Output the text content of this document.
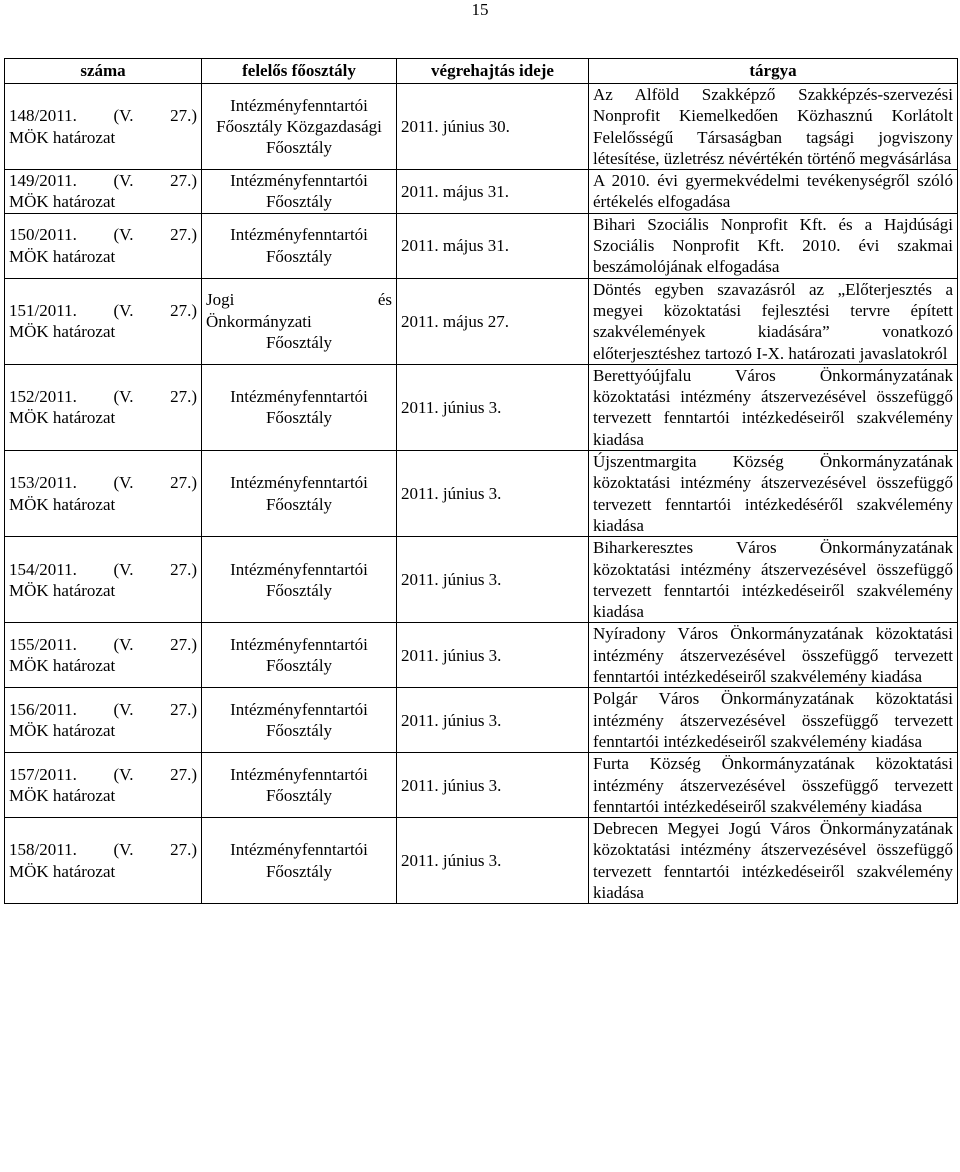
15
száma	felelős főosztály	végrehajtás ideje	tárgya

148/2011. (V. 27.)
MÖK határozat	Intézményfenntartói Főosztály Közgazdasági Főosztály	2011. június 30.	Az Alföld Szakképző Szakképzés-szervezési Nonprofit Kiemelkedően Közhasznú Korlátolt Felelősségű Társaságban tagsági jogviszony létesítése, üzletrész névértékén történő megvásárlása

149/2011. (V. 27.)
MÖK határozat	Intézményfenntartói Főosztály	2011. május 31.	A 2010. évi gyermekvédelmi tevékenységről szóló értékelés elfogadása

150/2011. (V. 27.)
MÖK határozat	Intézményfenntartói Főosztály	2011. május 31.	Bihari Szociális Nonprofit Kft. és a Hajdúsági Szociális Nonprofit Kft. 2010. évi szakmai beszámolójának elfogadása

151/2011. (V. 27.)
MÖK határozat	Jogi és
Önkormányzati
Főosztály	2011. május 27.	Döntés egyben szavazásról az „Előterjesztés a megyei közoktatási fejlesztési tervre épített szakvélemények kiadására” vonatkozó előterjesztéshez tartozó I-X. határozati javaslatokról

152/2011. (V. 27.)
MÖK határozat	Intézményfenntartói Főosztály	2011. június 3.	Berettyóújfalu Város Önkormányzatának közoktatási intézmény átszervezésével összefüggő tervezett fenntartói intézkedéseiről szakvélemény kiadása

153/2011. (V. 27.)
MÖK határozat	Intézményfenntartói Főosztály	2011. június 3.	Újszentmargita Község Önkormányzatának közoktatási intézmény átszervezésével összefüggő tervezett fenntartói intézkedéséről szakvélemény kiadása

154/2011. (V. 27.)
MÖK határozat	Intézményfenntartói Főosztály	2011. június 3.	Biharkeresztes Város Önkormányzatának közoktatási intézmény átszervezésével összefüggő tervezett fenntartói intézkedéseiről szakvélemény kiadása

155/2011. (V. 27.)
MÖK határozat	Intézményfenntartói Főosztály	2011. június 3.	Nyíradony Város Önkormányzatának közoktatási intézmény átszervezésével összefüggő tervezett fenntartói intézkedéseiről szakvélemény kiadása

156/2011. (V. 27.)
MÖK határozat	Intézményfenntartói Főosztály	2011. június 3.	Polgár Város Önkormányzatának közoktatási intézmény átszervezésével összefüggő tervezett fenntartói intézkedéseiről szakvélemény kiadása

157/2011. (V. 27.)
MÖK határozat	Intézményfenntartói Főosztály	2011. június 3.	Furta Község Önkormányzatának közoktatási intézmény átszervezésével összefüggő tervezett fenntartói intézkedéseiről szakvélemény kiadása

158/2011. (V. 27.)
MÖK határozat	Intézményfenntartói Főosztály	2011. június 3.	Debrecen Megyei Jogú Város Önkormányzatának közoktatási intézmény átszervezésével összefüggő tervezett fenntartói intézkedéseiről szakvélemény kiadása
